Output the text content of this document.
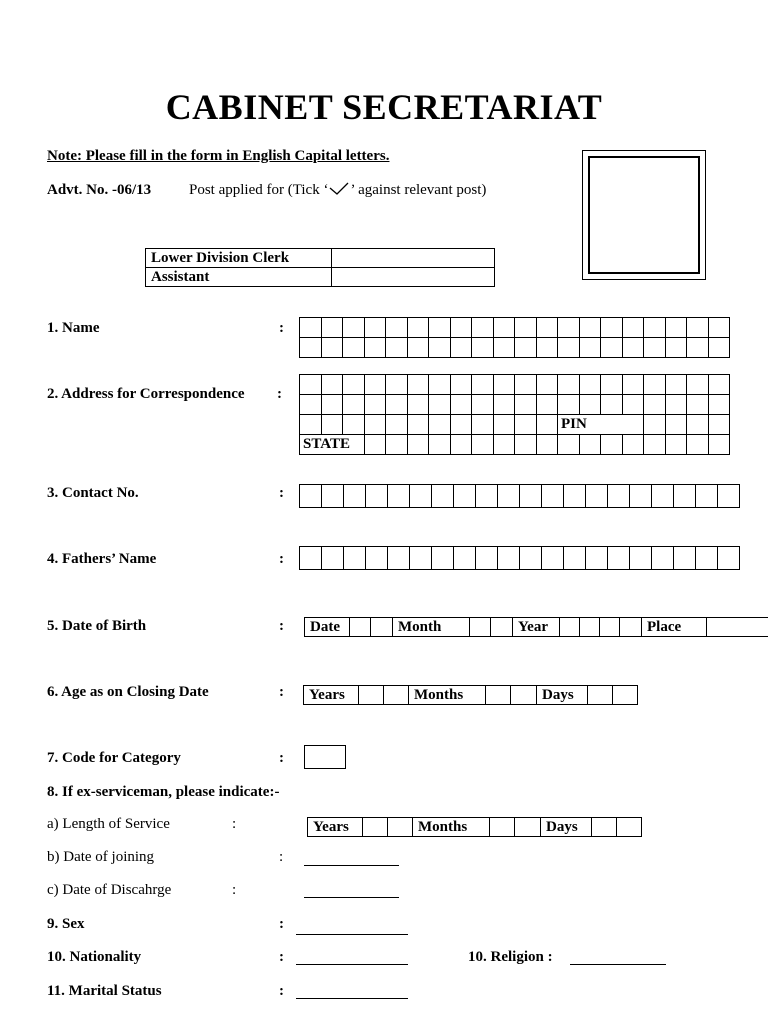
CABINET SECRETARIAT
Note: Please fill in the form in English Capital letters.
Advt. No. -06/13	Post applied for (Tick ‘ ’ against relevant post)
Lower Division Clerk	
Assistant	
1. Name	:

2. Address for Correspondence :

												PIN							
STATE																			
3. Contact No.	:

4. Fathers’ Name	:

5. Date of Birth	:	Date	Month	Year	Place
6. Age as on Closing Date	:	Years	Months	Days
7. Code for Category	:
8. If ex-serviceman, please indicate:-
a) Length of Service	:	Years	Months	Days
b) Date of joining	:
c) Date of Discahrge	:
9. Sex	:
10. Nationality	:	10. Religion :
11. Marital Status	:
